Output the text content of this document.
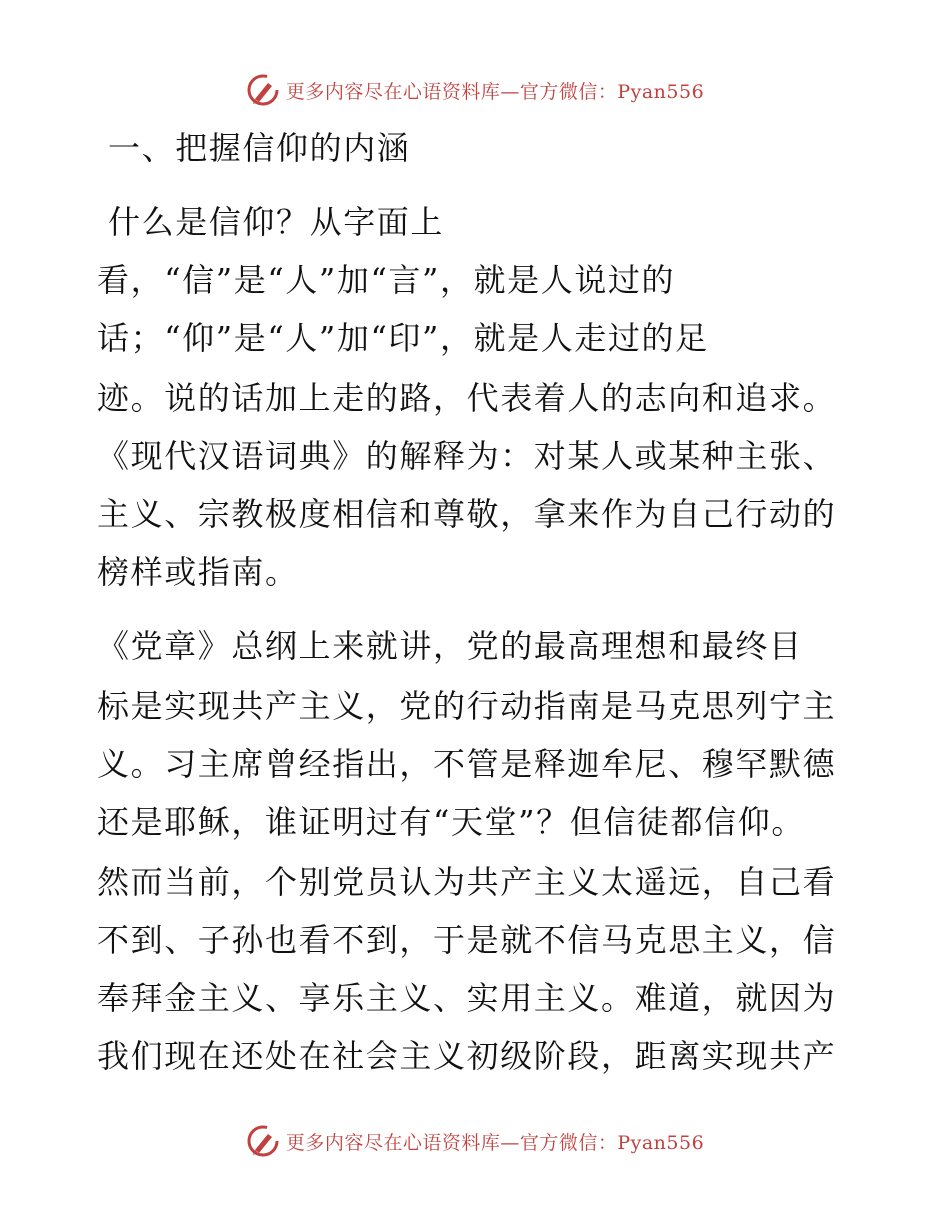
更多内容尽在心语资料库—官方微信：Pyan556
一、把握信仰的内涵
什么是信仰？从字面上
看，“信”是“人”加“言”，就是人说过的
话；“仰”是“人”加“印”，就是人走过的足
迹。说的话加上走的路，代表着人的志向和追求。
《现代汉语词典》的解释为：对某人或某种主张、
主义、宗教极度相信和尊敬，拿来作为自己行动的
榜样或指南。
《党章》总纲上来就讲，党的最高理想和最终目
标是实现共产主义，党的行动指南是马克思列宁主
义。习主席曾经指出，不管是释迦牟尼、穆罕默德
还是耶稣，谁证明过有“天堂”？但信徒都信仰。
然而当前，个别党员认为共产主义太遥远，自己看
不到、子孙也看不到，于是就不信马克思主义，信
奉拜金主义、享乐主义、实用主义。难道，就因为
我们现在还处在社会主义初级阶段，距离实现共产
更多内容尽在心语资料库—官方微信：Pyan556
